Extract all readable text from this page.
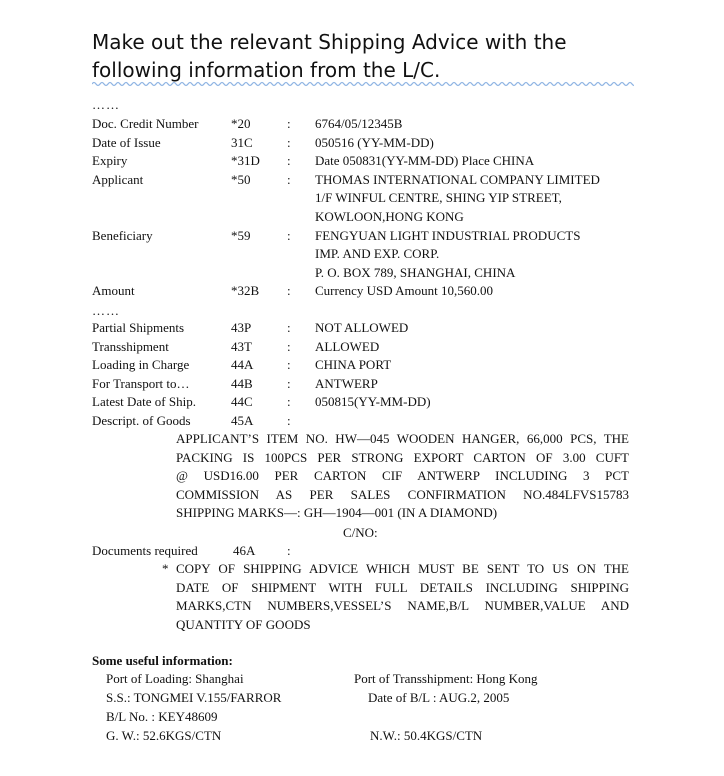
Make out the relevant Shipping Advice with the
following information from the L/C.
……
Doc. Credit Number *20	: 6764/05/12345B
Date of Issue	31C	: 050516 (YY-MM-DD)
Expiry	*31D : Date 050831(YY-MM-DD) Place CHINA
Applicant	*50	: THOMAS INTERNATIONAL COMPANY LIMITED
1/F WINFUL CENTRE, SHING YIP STREET,
KOWLOON,HONG KONG
Beneficiary	*59	: FENGYUAN LIGHT INDUSTRIAL PRODUCTS
IMP. AND EXP. CORP.
P. O. BOX 789, SHANGHAI, CHINA
Amount	*32B : Currency USD Amount 10,560.00
……
Partial Shipments	43P	: NOT ALLOWED
Transshipment	43T	: ALLOWED
Loading in Charge	44A	: CHINA PORT
For Transport to…	44B	: ANTWERP
Latest Date of Ship.	44C	: 050815(YY-MM-DD)
Descript. of Goods	45A	:
APPLICANT’S ITEM NO. HW—045 WOODEN HANGER, 66,000 PCS, THE
PACKING IS 100PCS PER STRONG EXPORT CARTON OF 3.00 CUFT
@ USD16.00 PER CARTON CIF ANTWERP INCLUDING 3 PCT
COMMISSION AS PER SALES CONFIRMATION NO.484LFVS15783
SHIPPING MARKS—: GH—1904—001 (IN A DIAMOND)
C/NO:
Documents required	46A :
* COPY OF SHIPPING ADVICE WHICH MUST BE SENT TO US ON THE
DATE OF SHIPMENT WITH FULL DETAILS INCLUDING SHIPPING
MARKS,CTN NUMBERS,VESSEL’S NAME,B/L NUMBER,VALUE AND
QUANTITY OF GOODS
Some useful information:
Port of Loading: Shanghai	Port of Transshipment: Hong Kong
S.S.: TONGMEI V.155/FARROR	Date of B/L : AUG.2, 2005
B/L No. : KEY48609
G. W.: 52.6KGS/CTN	N.W.: 50.4KGS/CTN
